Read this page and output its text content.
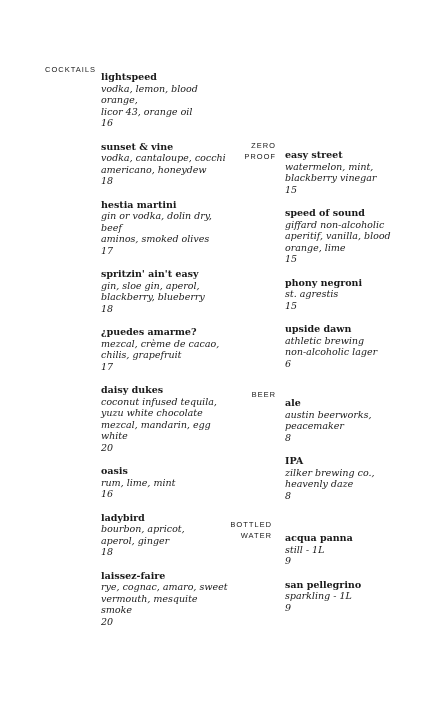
COCKTAILS
ZERO
PROOF
BEER
BOTTLED
WATER
lightspeed
vodka, lemon, blood orange,
licor 43, orange oil
16
sunset & vine
vodka, cantaloupe, cocchi
americano, honeydew
18
hestia martini
gin or vodka, dolin dry, beef
aminos, smoked olives
17
spritzin' ain't easy
gin, sloe gin, aperol,
blackberry, blueberry
18
¿puedes amarme?
mezcal, crème de cacao,
chilis, grapefruit
17
daisy dukes
coconut infused tequila,
yuzu white chocolate
mezcal, mandarin, egg white
20
oasis
rum, lime, mint
16
ladybird
bourbon, apricot,
aperol, ginger
18
laissez-faire
rye, cognac, amaro, sweet
vermouth, mesquite smoke
20
easy street
watermelon, mint,
blackberry vinegar
15
speed of sound
giffard non-alcoholic
aperitif, vanilla, blood
orange, lime
15
phony negroni
st. agrestis
15
upside dawn
athletic brewing
non-alcoholic lager
6
ale
austin beerworks,
peacemaker
8
IPA
zilker brewing co.,
heavenly daze
8
acqua panna
still - 1L
9
san pellegrino
sparkling - 1L
9
